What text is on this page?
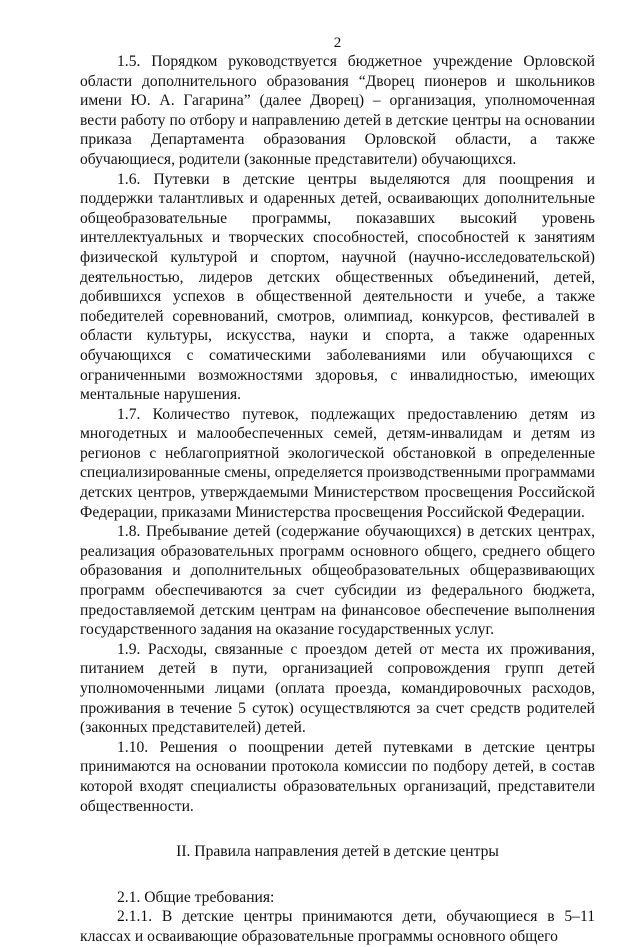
2

1.5. Порядком руководствуется бюджетное учреждение Орловской области дополнительного образования “Дворец пионеров и школьников имени Ю. А. Гагарина” (далее Дворец) – организация, уполномоченная вести работу по отбору и направлению детей в детские центры на основании приказа Департамента образования Орловской области, а также обучающиеся, родители (законные представители) обучающихся.

1.6. Путевки в детские центры выделяются для поощрения и поддержки талантливых и одаренных детей, осваивающих дополнительные общеобразовательные программы, показавших высокий уровень интеллектуальных и творческих способностей, способностей к занятиям физической культурой и спортом, научной (научно-исследовательской) деятельностью, лидеров детских общественных объединений, детей, добившихся успехов в общественной деятельности и учебе, а также победителей соревнований, смотров, олимпиад, конкурсов, фестивалей в области культуры, искусства, науки и спорта, а также одаренных обучающихся с соматическими заболеваниями или обучающихся с ограниченными возможностями здоровья, с инвалидностью, имеющих ментальные нарушения.

1.7. Количество путевок, подлежащих предоставлению детям из многодетных и малообеспеченных семей, детям-инвалидам и детям из регионов с неблагоприятной экологической обстановкой в определенные специализированные смены, определяется производственными программами детских центров, утверждаемыми Министерством просвещения Российской Федерации, приказами Министерства просвещения Российской Федерации.

1.8. Пребывание детей (содержание обучающихся) в детских центрах, реализация образовательных программ основного общего, среднего общего образования и дополнительных общеобразовательных общеразвивающих программ обеспечиваются за счет субсидии из федерального бюджета, предоставляемой детским центрам на финансовое обеспечение выполнения государственного задания на оказание государственных услуг.

1.9. Расходы, связанные с проездом детей от места их проживания, питанием детей в пути, организацией сопровождения групп детей уполномоченными лицами (оплата проезда, командировочных расходов, проживания в течение 5 суток) осуществляются за счет средств родителей (законных представителей) детей.

1.10. Решения о поощрении детей путевками в детские центры принимаются на основании протокола комиссии по подбору детей, в состав которой входят специалисты образовательных организаций, представители общественности.

II. Правила направления детей в детские центры

2.1. Общие требования:

2.1.1. В детские центры принимаются дети, обучающиеся в 5–11 классах и осваивающие образовательные программы основного общего
